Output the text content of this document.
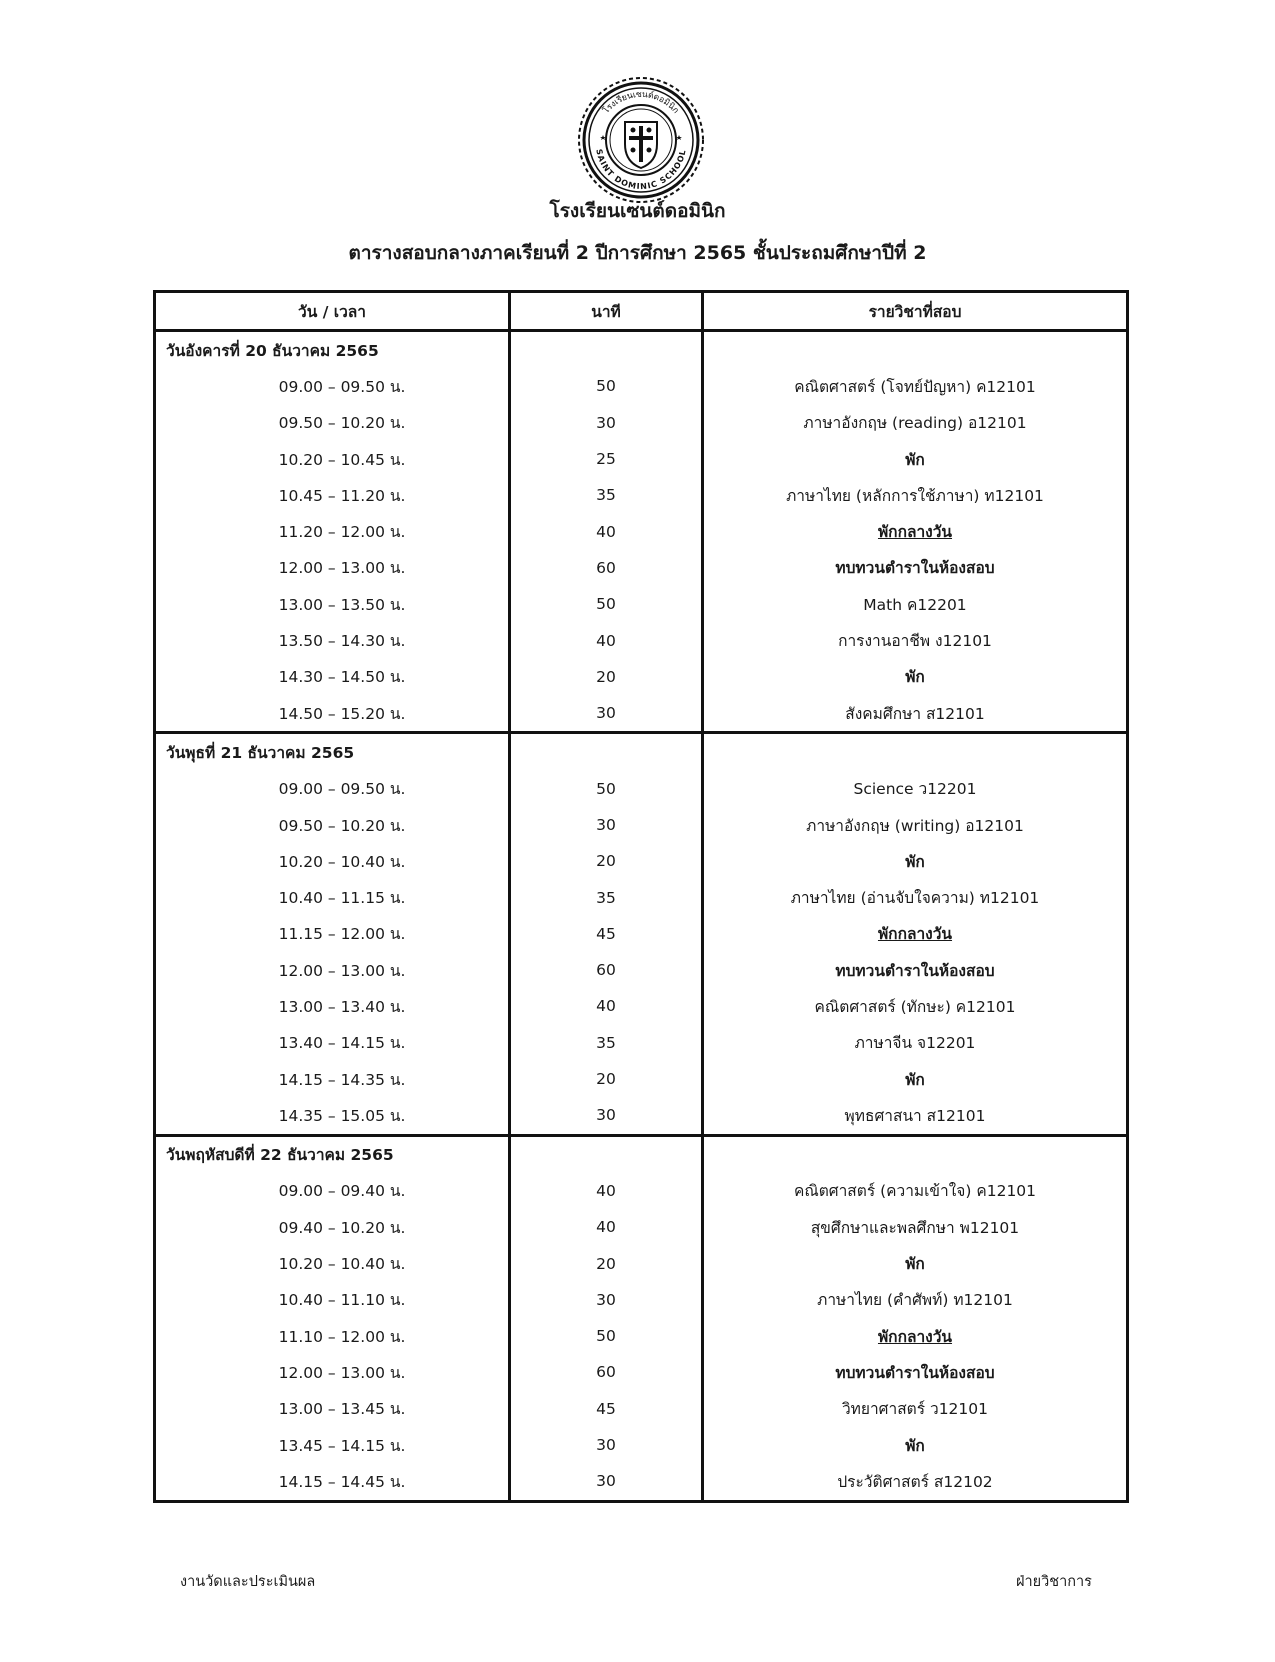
โรงเรียนเซนต์ดอมินิก
SAINT DOMINIC SCHOOL
โรงเรียนเซนต์ดอมินิก
ตารางสอบกลางภาคเรียนที่ 2 ปีการศึกษา 2565 ชั้นประถมศึกษาปีที่ 2
วัน / เวลา	นาที	รายวิชาที่สอบ
วันอังคารที่ 20 ธันวาคม 2565		
09.00 – 09.50 น.	50	คณิตศาสตร์ (โจทย์ปัญหา) ค12101
09.50 – 10.20 น.	30	ภาษาอังกฤษ (reading) อ12101
10.20 – 10.45 น.	25	พัก
10.45 – 11.20 น.	35	ภาษาไทย (หลักการใช้ภาษา) ท12101
11.20 – 12.00 น.	40	พักกลางวัน
12.00 – 13.00 น.	60	ทบทวนตำราในห้องสอบ
13.00 – 13.50 น.	50	Math ค12201
13.50 – 14.30 น.	40	การงานอาชีพ ง12101
14.30 – 14.50 น.	20	พัก
14.50 – 15.20 น.	30	สังคมศึกษา ส12101
วันพุธที่ 21 ธันวาคม 2565		
09.00 – 09.50 น.	50	Science ว12201
09.50 – 10.20 น.	30	ภาษาอังกฤษ (writing) อ12101
10.20 – 10.40 น.	20	พัก
10.40 – 11.15 น.	35	ภาษาไทย (อ่านจับใจความ) ท12101
11.15 – 12.00 น.	45	พักกลางวัน
12.00 – 13.00 น.	60	ทบทวนตำราในห้องสอบ
13.00 – 13.40 น.	40	คณิตศาสตร์ (ทักษะ) ค12101
13.40 – 14.15 น.	35	ภาษาจีน จ12201
14.15 – 14.35 น.	20	พัก
14.35 – 15.05 น.	30	พุทธศาสนา ส12101
วันพฤหัสบดีที่ 22 ธันวาคม 2565		
09.00 – 09.40 น.	40	คณิตศาสตร์ (ความเข้าใจ) ค12101
09.40 – 10.20 น.	40	สุขศึกษาและพลศึกษา พ12101
10.20 – 10.40 น.	20	พัก
10.40 – 11.10 น.	30	ภาษาไทย (คำศัพท์) ท12101
11.10 – 12.00 น.	50	พักกลางวัน
12.00 – 13.00 น.	60	ทบทวนตำราในห้องสอบ
13.00 – 13.45 น.	45	วิทยาศาสตร์ ว12101
13.45 – 14.15 น.	30	พัก
14.15 – 14.45 น.	30	ประวัติศาสตร์ ส12102
งานวัดและประเมินผล	ฝ่ายวิชาการ
